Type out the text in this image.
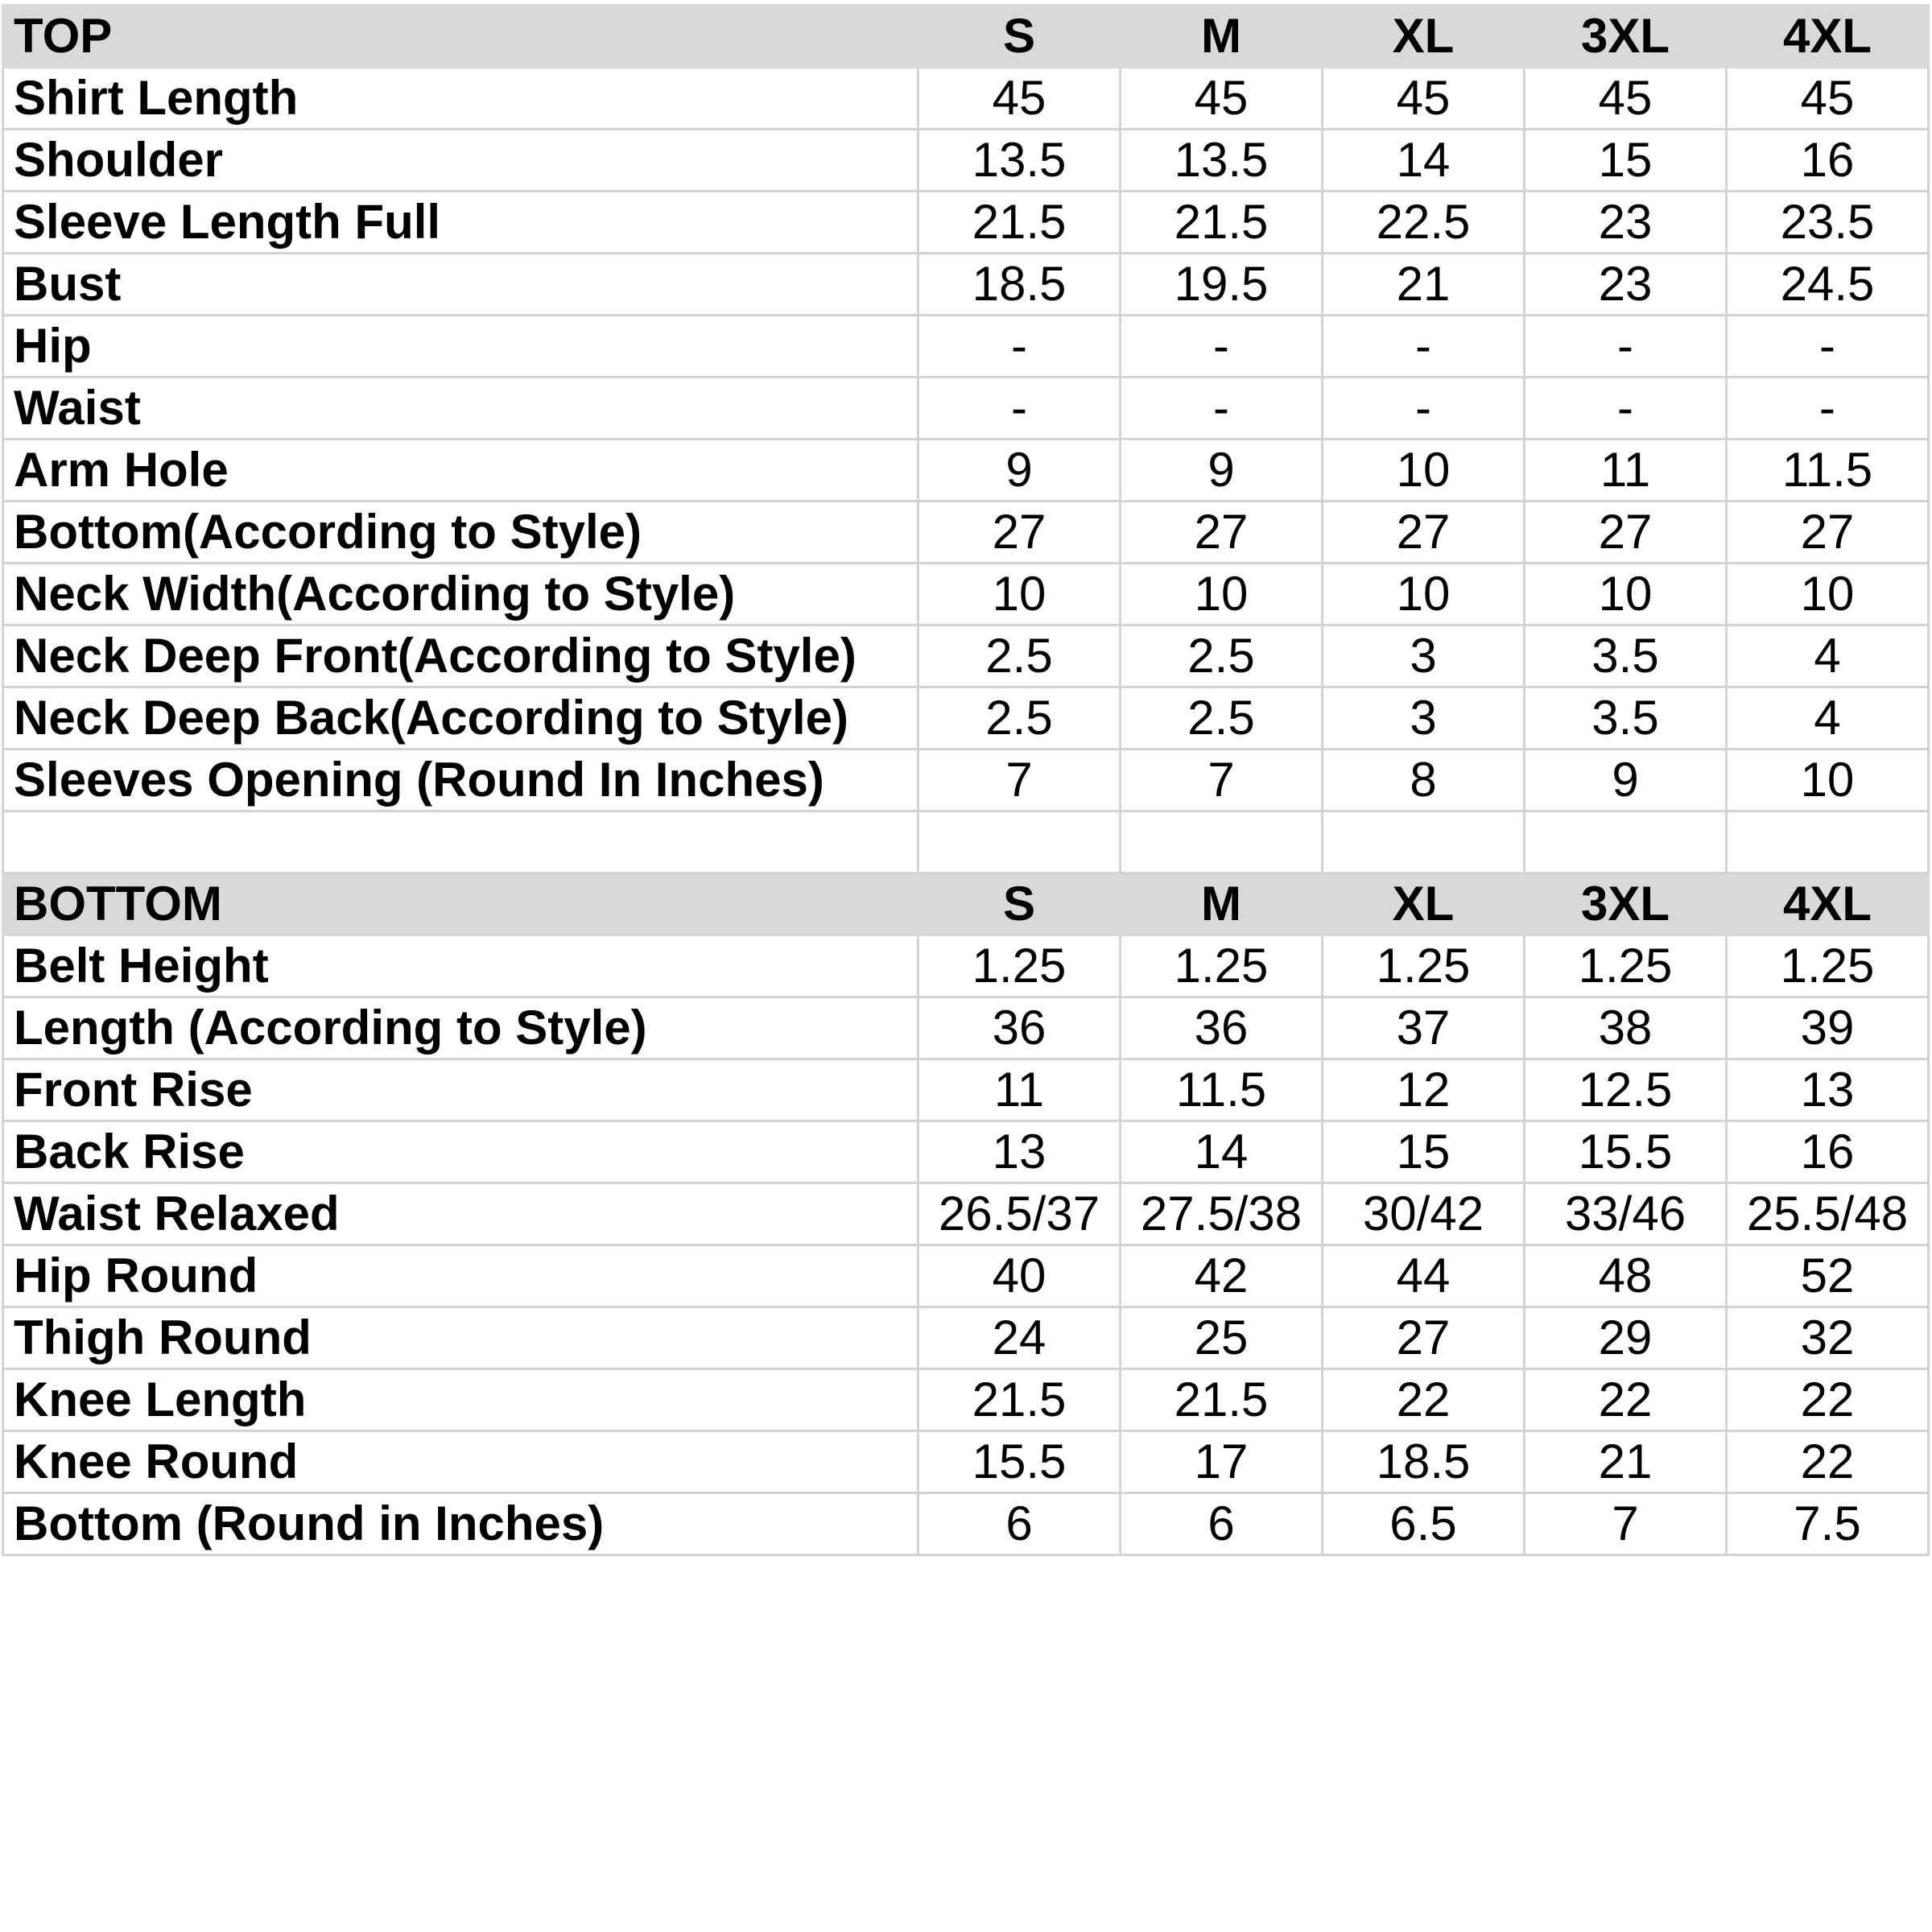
TOP	S	M	XL	3XL	4XL
Shirt Length	45	45	45	45	45
Shoulder	13.5	13.5	14	15	16
Sleeve Length Full	21.5	21.5	22.5	23	23.5
Bust	18.5	19.5	21	23	24.5
Hip	-	-	-	-	-
Waist	-	-	-	-	-
Arm Hole	9	9	10	11	11.5
Bottom(According to Style)	27	27	27	27	27
Neck Width(According to Style)	10	10	10	10	10
Neck Deep Front(According to Style)	2.5	2.5	3	3.5	4
Neck Deep Back(According to Style)	2.5	2.5	3	3.5	4
Sleeves Opening (Round In Inches)	7	7	8	9	10

BOTTOM	S	M	XL	3XL	4XL
Belt Height	1.25	1.25	1.25	1.25	1.25
Length (According to Style)	36	36	37	38	39
Front Rise	11	11.5	12	12.5	13
Back Rise	13	14	15	15.5	16
Waist Relaxed	26.5/37	27.5/38	30/42	33/46	25.5/48
Hip Round	40	42	44	48	52
Thigh Round	24	25	27	29	32
Knee Length	21.5	21.5	22	22	22
Knee Round	15.5	17	18.5	21	22
Bottom (Round in Inches)	6	6	6.5	7	7.5
